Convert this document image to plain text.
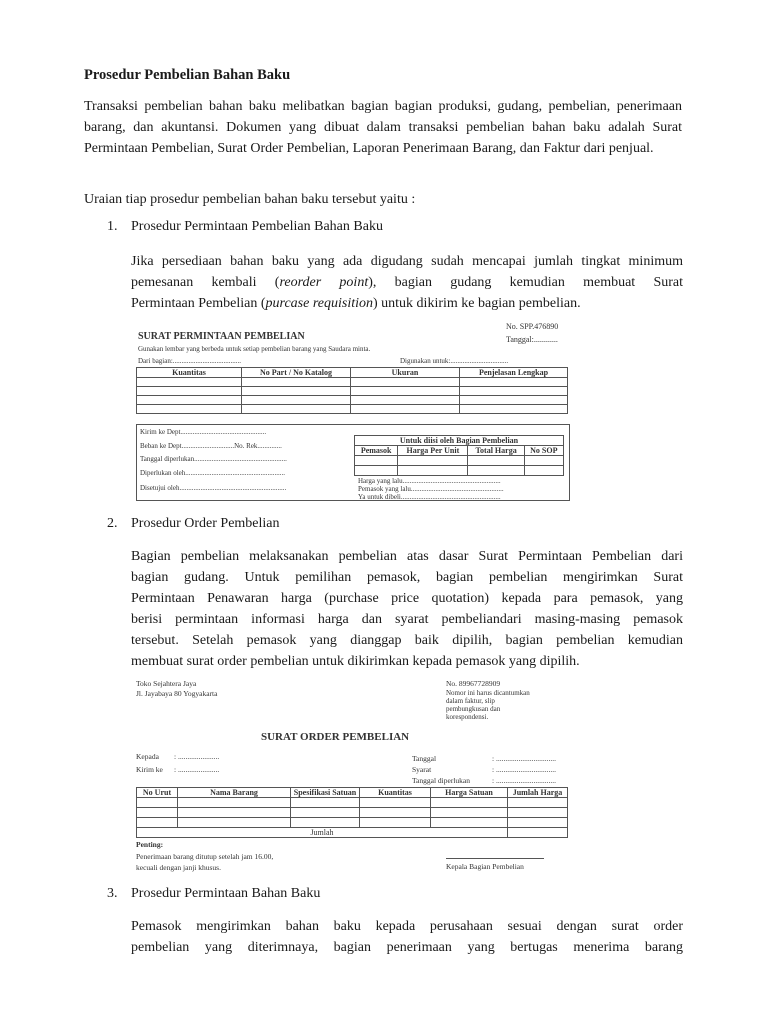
Prosedur Pembelian Bahan Baku
Transaksi pembelian bahan baku melibatkan bagian bagian produksi, gudang, pembelian, penerimaan barang, dan akuntansi. Dokumen yang dibuat dalam transaksi pembelian bahan baku adalah Surat Permintaan Pembelian, Surat Order Pembelian, Laporan Penerimaan Barang, dan Faktur dari penjual.
Uraian tiap prosedur pembelian bahan baku tersebut yaitu :
1. Prosedur Permintaan Pembelian Bahan Baku
Jika persediaan bahan baku yang ada digudang sudah mencapai jumlah tingkat minimum
pemesanan kembali (reorder point), bagian gudang kemudian membuat Surat
Permintaan Pembelian (purcase requisition) untuk dikirim ke bagian pembelian.
No. SPP.476890
Tanggal:............
SURAT PERMINTAAN PEMBELIAN
Gunakan lembar yang berbeda untuk setiap pembelian barang yang Saudara minta.
Dari bagian:.......................................	Digunakan untuk:.................................
Kuantitas	No Part / No Katalog	Ukuran	Penjelasan Lengkap

Kirim ke Dept.................................................
Beban ke Dept..............................No. Rek..............
Tanggal diperlukan.....................................................
Diperlukan oleh.........................................................
Disetujui oleh.............................................................
Untuk diisi oleh Bagian Pembelian			
Pemasok	Harga Per Unit	Total Harga	No SOP

Harga yang lalu........................................................
Pemasok yang lalu.....................................................
Ya untuk dibeli.........................................................
2. Prosedur Order Pembelian
Bagian pembelian melaksanakan pembelian atas dasar Surat Permintaan Pembelian dari
bagian gudang. Untuk pemilihan pemasok, bagian pembelian mengirimkan Surat
Permintaan Penawaran harga (purchase price quotation) kepada para pemasok, yang
berisi permintaan informasi harga dan syarat pembeliandari masing-masing pemasok
tersebut. Setelah pemasok yang dianggap baik dipilih, bagian pembelian kemudian
membuat surat order pembelian untuk dikirimkan kepada pemasok yang dipilih.
Toko Sejahtera Jaya
Jl. Jayabaya 80 Yogyakarta
No. 89967728909
Nomor ini harus dicantumkan
dalam faktur, slip
pembungkusan dan
korespondensi.
SURAT ORDER PEMBELIAN
Kepada : ......................
Kirim ke : ......................
Tanggal	: ................................
Syarat	: ................................
Tanggal diperlukan	: ................................
No Urut	Nama Barang	Spesifikasi Satuan	Kuantitas	Harga Satuan	Jumlah Harga

Jumlah					
Penting:
Penerimaan barang ditutup setelah jam 16.00,
kecuali dengan janji khusus.	Kepala Bagian Pembelian
3. Prosedur Permintaan Bahan Baku
Pemasok mengirimkan bahan baku kepada perusahaan sesuai dengan surat order
pembelian yang diterimnaya, bagian penerimaan yang bertugas menerima barang
